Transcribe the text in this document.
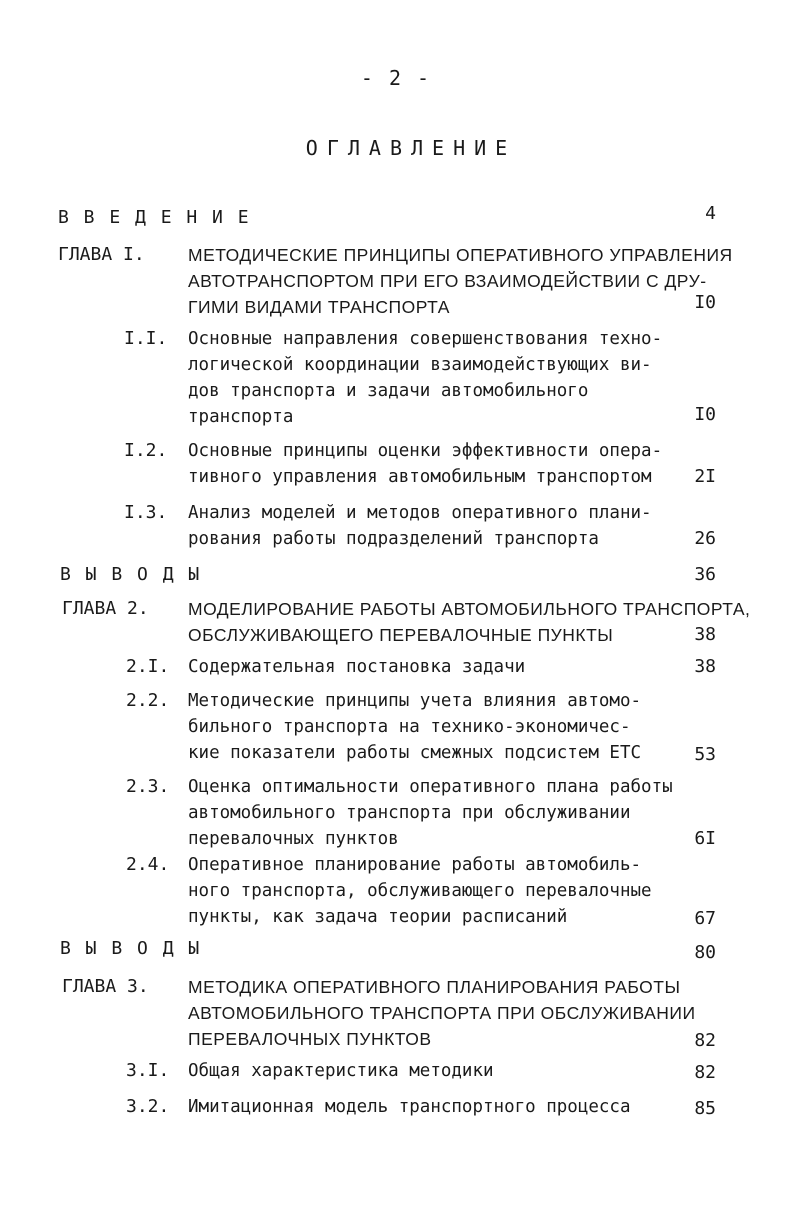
- 2 -
ОГЛАВЛЕНИЕ
В В Е Д Е Н И Е	4
ГЛАВА I. МЕТОДИЧЕСКИЕ ПРИНЦИПЫ ОПЕРАТИВНОГО УПРАВЛЕНИЯ
АВТОТРАНСПОРТОМ ПРИ ЕГО ВЗАИМОДЕЙСТВИИ С ДРУ-
ГИМИ ВИДАМИ ТРАНСПОРТА	I0
I.I. Основные направления совершенствования техно-
логической координации взаимодействующих ви-
дов транспорта и задачи автомобильного
транспорта	I0
I.2. Основные принципы оценки эффективности опера-
тивного управления автомобильным транспортом	2I
I.3. Анализ моделей и методов оперативного плани-
рования работы подразделений транспорта	26
В Ы В О Д Ы	36
ГЛАВА 2. МОДЕЛИРОВАНИЕ РАБОТЫ АВТОМОБИЛЬНОГО ТРАНСПОРТА,
ОБСЛУЖИВАЮЩЕГО ПЕРЕВАЛОЧНЫЕ ПУНКТЫ	38
2.I. Содержательная постановка задачи	38
2.2. Методические принципы учета влияния автомо-
бильного транспорта на технико-экономичес-
кие показатели работы смежных подсистем ЕТС	53
2.3. Оценка оптимальности оперативного плана работы
автомобильного транспорта при обслуживании
перевалочных пунктов	6I
2.4. Оперативное планирование работы автомобиль-
ного транспорта, обслуживающего перевалочные
пункты, как задача теории расписаний	67
В Ы В О Д Ы	80
ГЛАВА 3. МЕТОДИКА ОПЕРАТИВНОГО ПЛАНИРОВАНИЯ РАБОТЫ
АВТОМОБИЛЬНОГО ТРАНСПОРТА ПРИ ОБСЛУЖИВАНИИ
ПЕРЕВАЛОЧНЫХ ПУНКТОВ	82
3.I. Общая характеристика методики	82
3.2. Имитационная модель транспортного процесса	85
